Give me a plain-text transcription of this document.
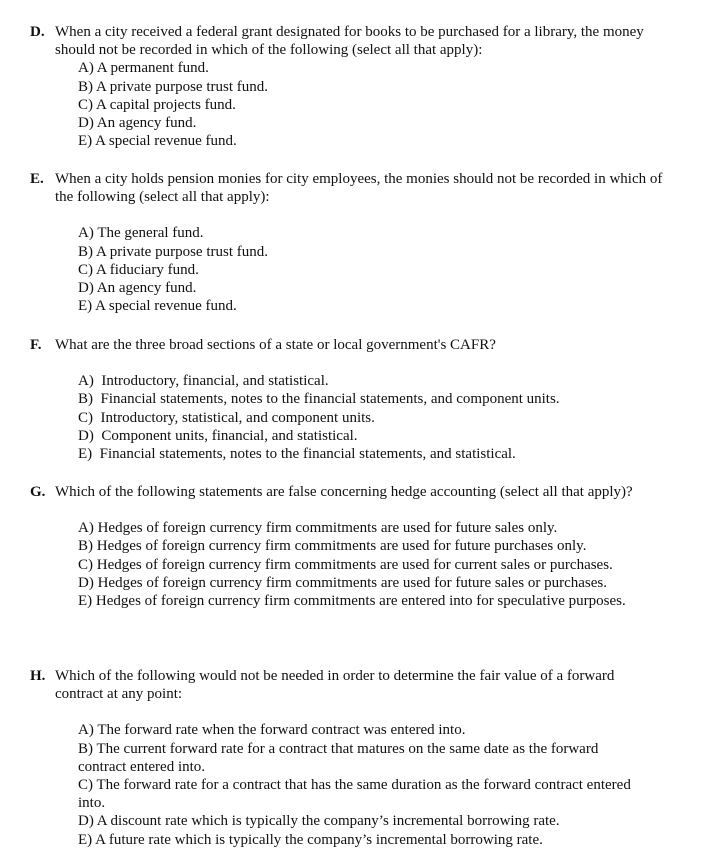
D. When a city received a federal grant designated for books to be purchased for a library, the money should not be recorded in which of the following (select all that apply):
A) A permanent fund.
B) A private purpose trust fund.
C) A capital projects fund.
D) An agency fund.
E) A special revenue fund.
E. When a city holds pension monies for city employees, the monies should not be recorded in which of the following (select all that apply):
A) The general fund.
B) A private purpose trust fund.
C) A fiduciary fund.
D) An agency fund.
E) A special revenue fund.
F. What are the three broad sections of a state or local government's CAFR?
A) Introductory, financial, and statistical.
B) Financial statements, notes to the financial statements, and component units.
C) Introductory, statistical, and component units.
D) Component units, financial, and statistical.
E) Financial statements, notes to the financial statements, and statistical.
G. Which of the following statements are false concerning hedge accounting (select all that apply)?
A) Hedges of foreign currency firm commitments are used for future sales only.
B) Hedges of foreign currency firm commitments are used for future purchases only.
C) Hedges of foreign currency firm commitments are used for current sales or purchases.
D) Hedges of foreign currency firm commitments are used for future sales or purchases.
E) Hedges of foreign currency firm commitments are entered into for speculative purposes.
H. Which of the following would not be needed in order to determine the fair value of a forward contract at any point:
A) The forward rate when the forward contract was entered into.
B) The current forward rate for a contract that matures on the same date as the forward contract entered into.
C) The forward rate for a contract that has the same duration as the forward contract entered into.
D) A discount rate which is typically the company’s incremental borrowing rate.
E) A future rate which is typically the company’s incremental borrowing rate.
